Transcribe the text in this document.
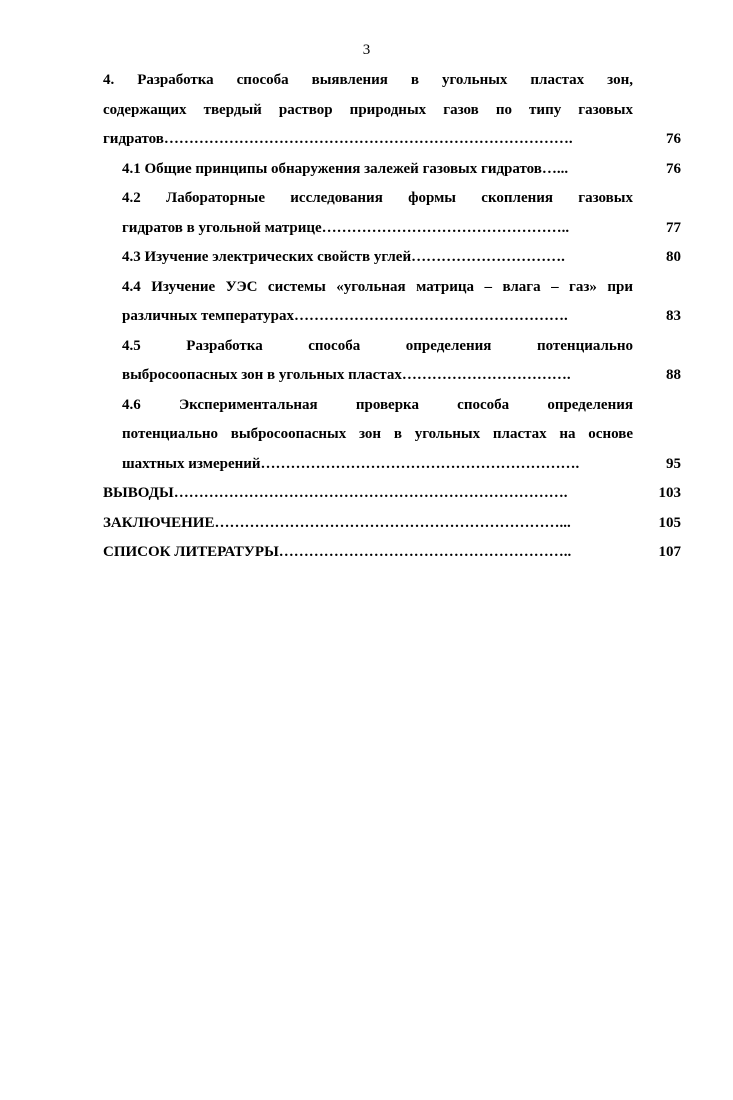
3
4. Разработка способа выявления в угольных пластах зон,
содержащих твердый раствор природных газов по типу газовых
гидратов……………………………………………………………………….	76
4.1 Общие принципы обнаружения залежей газовых гидратов…...	76
4.2 Лабораторные исследования формы скопления газовых
гидратов в угольной матрице…………………………………………..	77
4.3 Изучение электрических свойств углей………………………….	80
4.4 Изучение УЭС системы «угольная матрица – влага – газ» при
различных температурах……………………………………………….	83
4.5 Разработка способа определения потенциально
выбросоопасных зон в угольных пластах…………………………….	88
4.6 Экспериментальная проверка способа определения
потенциально выбросоопасных зон в угольных пластах на основе
шахтных измерений……………………………………………………….	95
ВЫВОДЫ…………………………………………………………………….	103
ЗАКЛЮЧЕНИЕ……………………………………………………………...	105
СПИСОК ЛИТЕРАТУРЫ…………………………………………………..	107
